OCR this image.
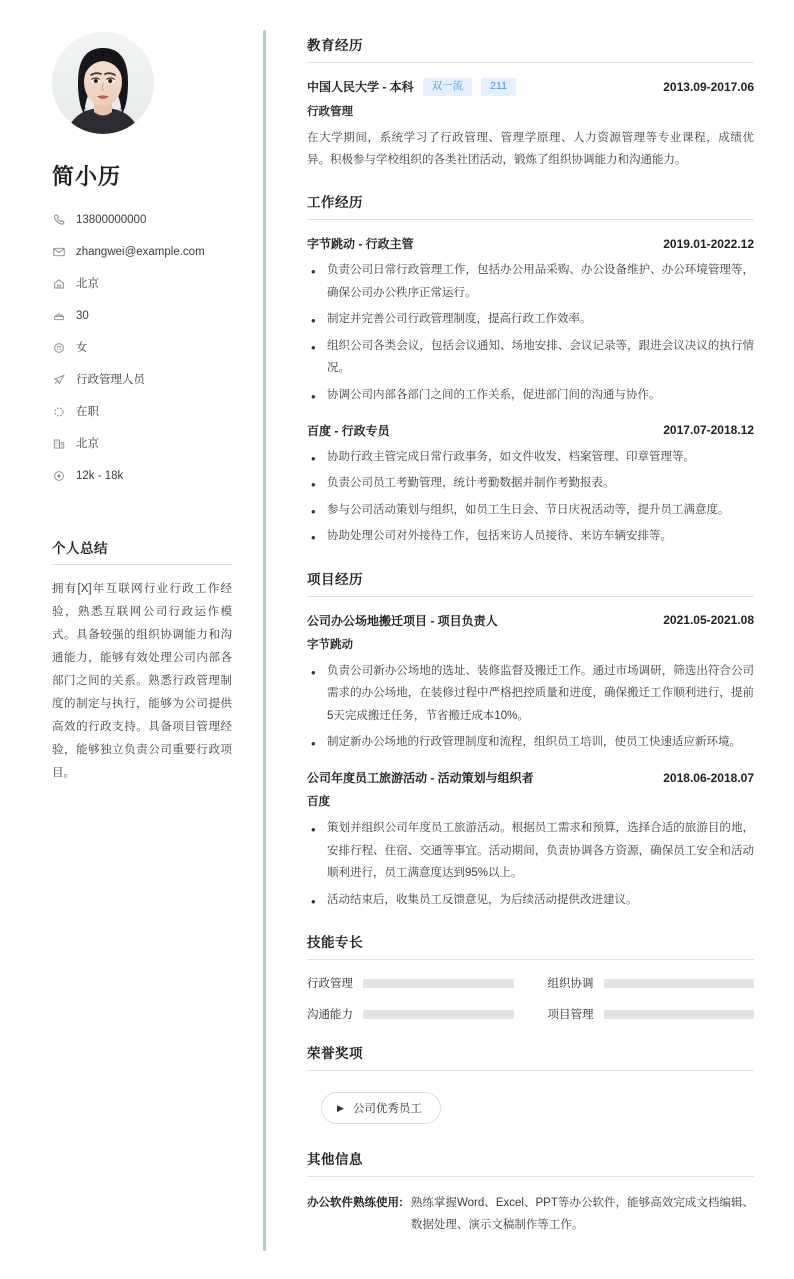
简小历
13800000000
zhangwei@example.com
北京
30
女
行政管理人员
在职
北京
12k - 18k
个人总结

拥有[X]年互联网行业行政工作经验，熟悉互联网公司行政运作模式。具备较强的组织协调能力和沟通能力，能够有效处理公司内部各部门之间的关系。熟悉行政管理制度的制定与执行，能够为公司提供高效的行政支持。具备项目管理经验，能够独立负责公司重要行政项目。

教育经历
中国人民大学 - 本科	双一流	211	2013.09-2017.06
行政管理

在大学期间，系统学习了行政管理、管理学原理、人力资源管理等专业课程，成绩优异。积极参与学校组织的各类社团活动，锻炼了组织协调能力和沟通能力。

工作经历
字节跳动 - 行政主管	2019.01-2022.12
• 负责公司日常行政管理工作，包括办公用品采购、办公设备维护、办公环境管理等，确保公司办公秩序正常运行。
• 制定并完善公司行政管理制度，提高行政工作效率。
• 组织公司各类会议，包括会议通知、场地安排、会议记录等，跟进会议决议的执行情况。
• 协调公司内部各部门之间的工作关系，促进部门间的沟通与协作。
百度 - 行政专员	2017.07-2018.12
• 协助行政主管完成日常行政事务，如文件收发、档案管理、印章管理等。
• 负责公司员工考勤管理，统计考勤数据并制作考勤报表。
• 参与公司活动策划与组织，如员工生日会、节日庆祝活动等，提升员工满意度。
• 协助处理公司对外接待工作，包括来访人员接待、来访车辆安排等。
项目经历
公司办公场地搬迁项目 - 项目负责人	2021.05-2021.08
字节跳动
• 负责公司新办公场地的选址、装修监督及搬迁工作。通过市场调研，筛选出符合公司需求的办公场地，在装修过程中严格把控质量和进度，确保搬迁工作顺利进行，提前5天完成搬迁任务，节省搬迁成本10%。
• 制定新办公场地的行政管理制度和流程，组织员工培训，使员工快速适应新环境。
公司年度员工旅游活动 - 活动策划与组织者	2018.06-2018.07
百度
• 策划并组织公司年度员工旅游活动。根据员工需求和预算，选择合适的旅游目的地，安排行程、住宿、交通等事宜。活动期间，负责协调各方资源，确保员工安全和活动顺利进行，员工满意度达到95%以上。
• 活动结束后，收集员工反馈意见，为后续活动提供改进建议。
技能专长
行政管理	组织协调
沟通能力	项目管理
荣誉奖项
▶ 公司优秀员工
其他信息
办公软件熟练使用: 熟练掌握Word、Excel、PPT等办公软件，能够高效完成文档编辑、数据处理、演示文稿制作等工作。
